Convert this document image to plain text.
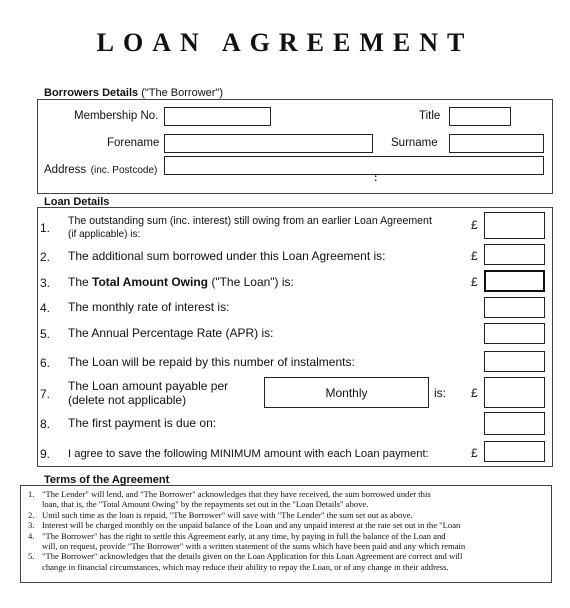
LOAN AGREEMENT
Borrowers Details ("The Borrower")
Membership No.	Title
Forename	Surname
Address (inc. Postcode)
:
Loan Details
1. The outstanding sum (inc. interest) still owing from an earlier Loan Agreement
(if applicable) is:
£
2. The additional sum borrowed under this Loan Agreement is:	£
3. The Total Amount Owing ("The Loan") is:	£
4. The monthly rate of interest is:
5. The Annual Percentage Rate (APR) is:
6. The Loan will be repaid by this number of instalments:
7.
The Loan amount payable per
(delete not applicable)
Monthly	is: £
8. The first payment is due on:
9. I agree to save the following MINIMUM amount with each Loan payment:	£
Terms of the Agreement
1. "The Lender" will lend, and "The Borrower" acknowledges that they have received, the sum borrowed under this
loan, that is, the "Total Amount Owing" by the repayments set out in the "Loan Details" above.
2. Until such time as the loan is repaid, "The Borrower" will save with "The Lender" the sum set out as above.
3. Interest will be charged monthly on the unpaid balance of the Loan and any unpaid interest at the rate set out in the "Loan
4. "The Borrower" has the right to settle this Agreement early, at any time, by paying in full the balance of the Loan and
will, on request, provide "The Borrower" with a written statement of the sums which have been paid and any which remain
5. "The Borrower" acknowledges that the details given on the Loan Application for this Loan Agreement are correct and will
change in financial circumstances, which may reduce their ability to repay the Loan, or of any change in their address.
